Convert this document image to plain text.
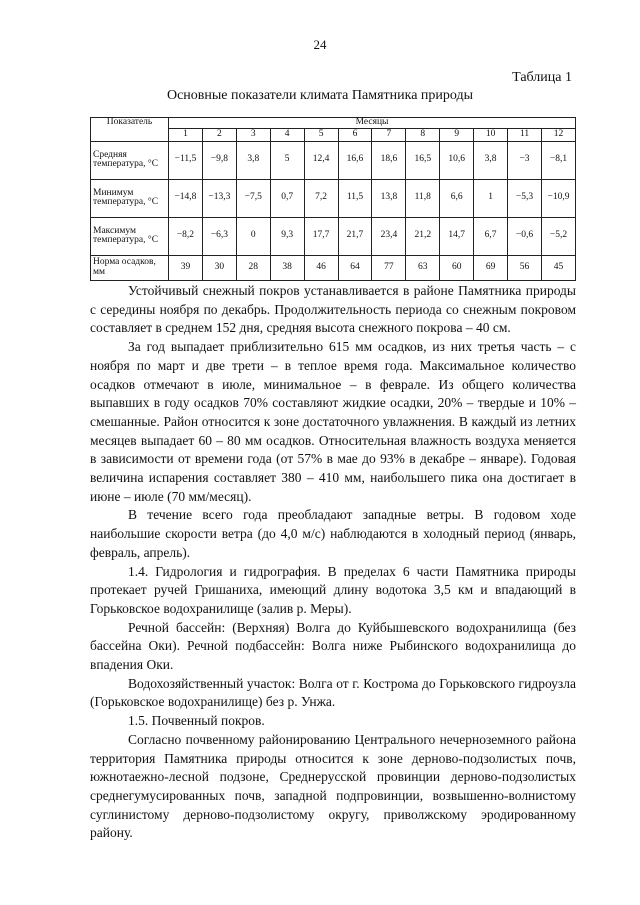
24
Таблица 1
Основные показатели климата Памятника природы
Показатель	Месяцы											
	1	2	3	4	5	6	7	8	9	10	11	12
Средняя температура, °С	−11,5	−9,8	3,8	5	12,4	16,6	18,6	16,5	10,6	3,8	−3	−8,1
Минимум температура, °С	−14,8	−13,3	−7,5	0,7	7,2	11,5	13,8	11,8	6,6	1	−5,3	−10,9
Максимум температура, °С	−8,2	−6,3	0	9,3	17,7	21,7	23,4	21,2	14,7	6,7	−0,6	−5,2
Норма осадков, мм	39	30	28	38	46	64	77	63	60	69	56	45

Устойчивый снежный покров устанавливается в районе Памятника природы с середины ноября по декабрь. Продолжительность периода со снежным покровом составляет в среднем 152 дня, средняя высота снежного покрова – 40 см.

За год выпадает приблизительно 615 мм осадков, из них третья часть – с ноября по март и две трети – в теплое время года. Максимальное количество осадков отмечают в июле, минимальное – в феврале. Из общего количества выпавших в году осадков 70% составляют жидкие осадки, 20% – твердые и 10% – смешанные. Район относится к зоне достаточного увлажнения. В каждый из летних месяцев выпадает 60 – 80 мм осадков. Относительная влажность воздуха меняется в зависимости от времени года (от 57% в мае до 93% в декабре – январе). Годовая величина испарения составляет 380 – 410 мм, наибольшего пика она достигает в июне – июле (70 мм/месяц).

В течение всего года преобладают западные ветры. В годовом ходе наибольшие скорости ветра (до 4,0 м/с) наблюдаются в холодный период (январь, февраль, апрель).

1.4. Гидрология и гидрография. В пределах 6 части Памятника природы протекает ручей Гришаниха, имеющий длину водотока 3,5 км и впадающий в Горьковское водохранилище (залив р. Меры).

Речной бассейн: (Верхняя) Волга до Куйбышевского водохранилища (без бассейна Оки). Речной подбассейн: Волга ниже Рыбинского водохранилища до впадения Оки.

Водохозяйственный участок: Волга от г. Кострома до Горьковского гидроузла (Горьковское водохранилище) без р. Унжа.

1.5. Почвенный покров.

Согласно почвенному районированию Центрального нечерноземного района территория Памятника природы относится к зоне дерново-подзолистых почв, южнотаежно-лесной подзоне, Среднерусской провинции дерново-подзолистых среднегумусированных почв, западной подпровинции, возвышенно-волнистому суглинистому дерново-подзолистому округу, приволжскому эродированному району.
